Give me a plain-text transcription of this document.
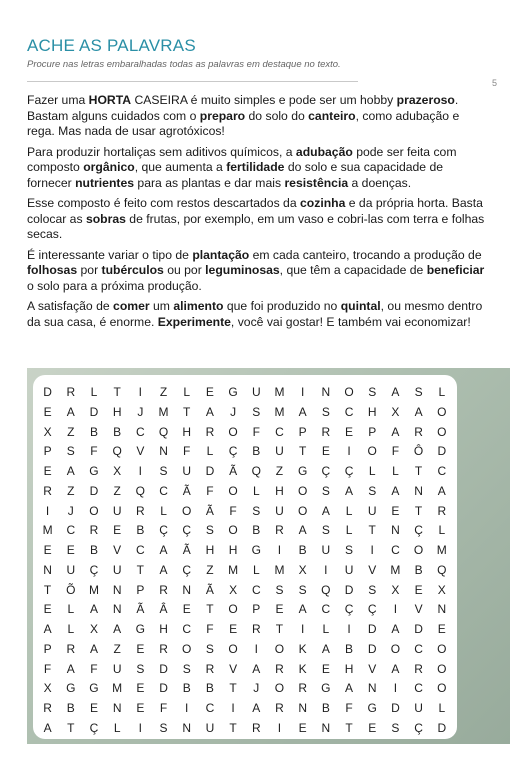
ACHE AS PALAVRAS
Procure nas letras embaralhadas todas as palavras em destaque no texto.
5

Fazer uma HORTA CASEIRA é muito simples e pode ser um hobby prazeroso. Bastam alguns cuidados com o preparo do solo do canteiro, como adubação e rega. Mas nada de usar agrotóxicos!

Para produzir hortaliças sem aditivos químicos, a adubação pode ser feita com composto orgânico, que aumenta a fertilidade do solo e sua capacidade de fornecer nutrientes para as plantas e dar mais resistência a doenças.

Esse composto é feito com restos descartados da cozinha e da própria horta. Basta colocar as sobras de frutas, por exemplo, em um vaso e cobri-las com terra e folhas secas.

É interessante variar o tipo de plantação em cada canteiro, trocando a produção de folhosas por tubérculos ou por leguminosas, que têm a capacidade de beneficiar o solo para a próxima produção.

A satisfação de comer um alimento que foi produzido no quintal, ou mesmo dentro da sua casa, é enorme. Experimente, você vai gostar! E também vai economizar!

D	R	L	T	I	Z	L	E	G	U	M	I	N	O	S	A	S	L
E	A	D	H	J	M	T	A	J	S	M	A	S	C	H	X	A	O
X	Z	B	B	C	Q	H	R	O	F	C	P	R	E	P	A	R	O
P	S	F	Q	V	N	F	L	Ç	B	U	T	E	I	O	F	Ô	D
E	A	G	X	I	S	U	D	Ã	Q	Z	G	Ç	Ç	L	L	T	C
R	Z	D	Z	Q	C	Ã	F	O	L	H	O	S	A	S	A	N	A
I	J	O	U	R	L	O	Ã	F	S	U	O	A	L	U	E	T	R
M	C	R	E	B	Ç	Ç	S	O	B	R	A	S	L	T	N	Ç	L
E	E	B	V	C	A	Ã	H	H	G	I	B	U	S	I	C	O	M
N	U	Ç	U	T	A	Ç	Z	M	L	M	X	I	U	V	M	B	Q
T	Õ	M	N	P	R	N	Ã	X	C	S	S	Q	D	S	X	E	X
E	L	A	N	Ã	Â	E	T	O	P	E	A	C	Ç	Ç	I	V	N
A	L	X	A	G	H	C	F	E	R	T	I	L	I	D	A	D	E
P	R	A	Z	E	R	O	S	O	I	O	K	A	B	D	O	C	O
F	A	F	U	S	D	S	R	V	A	R	K	E	H	V	A	R	O
X	G	G	M	E	D	B	B	T	J	O	R	G	A	N	I	C	O
R	B	E	N	E	F	I	C	I	A	R	N	B	F	G	D	U	L
A	T	Ç	L	I	S	N	U	T	R	I	E	N	T	E	S	Ç	D
